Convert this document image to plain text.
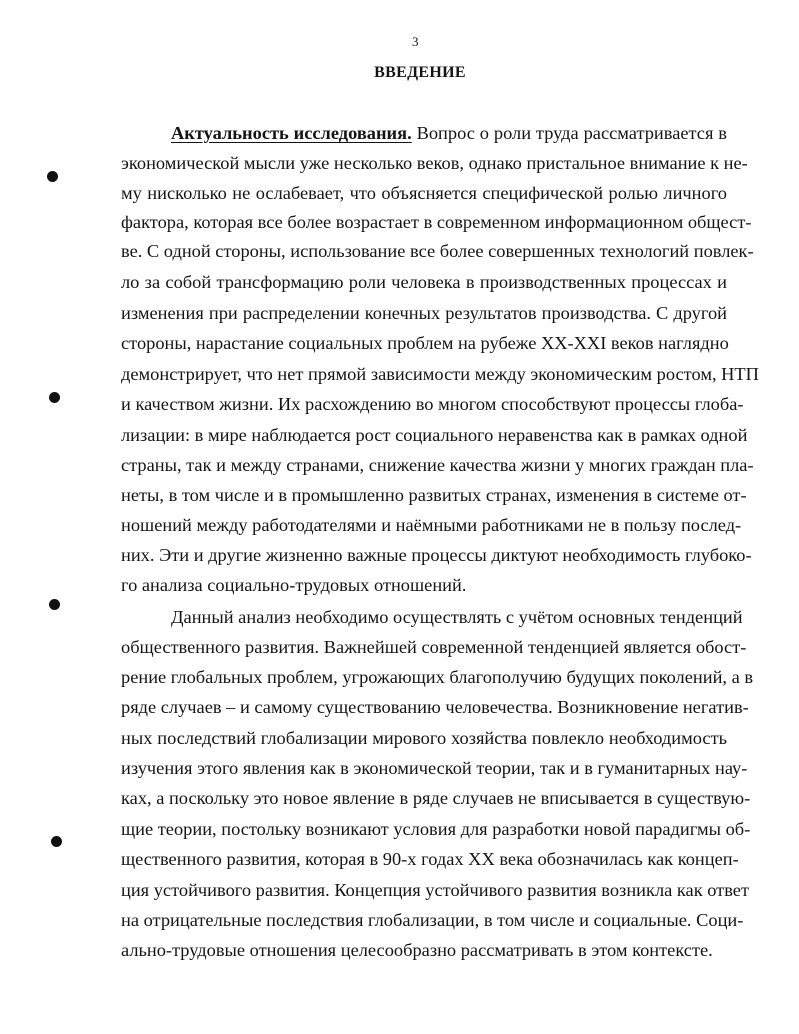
3
ВВЕДЕНИЕ
Актуальность исследования. Вопрос о роли труда рассматривается в
экономической мысли уже несколько веков, однако пристальное внимание к не-
му нисколько не ослабевает, что объясняется специфической ролью личного
фактора, которая все более возрастает в современном информационном общест-
ве. С одной стороны, использование все более совершенных технологий повлек-
ло за собой трансформацию роли человека в производственных процессах и
изменения при распределении конечных результатов производства. С другой
стороны, нарастание социальных проблем на рубеже XX-XXI веков наглядно
демонстрирует, что нет прямой зависимости между экономическим ростом, НТП
и качеством жизни. Их расхождению во многом способствуют процессы глоба-
лизации: в мире наблюдается рост социального неравенства как в рамках одной
страны, так и между странами, снижение качества жизни у многих граждан пла-
неты, в том числе и в промышленно развитых странах, изменения в системе от-
ношений между работодателями и наёмными работниками не в пользу послед-
них. Эти и другие жизненно важные процессы диктуют необходимость глубоко-
го анализа социально-трудовых отношений.
Данный анализ необходимо осуществлять с учётом основных тенденций
общественного развития. Важнейшей современной тенденцией является обост-
рение глобальных проблем, угрожающих благополучию будущих поколений, а в
ряде случаев – и самому существованию человечества. Возникновение негатив-
ных последствий глобализации мирового хозяйства повлекло необходимость
изучения этого явления как в экономической теории, так и в гуманитарных нау-
ках, а поскольку это новое явление в ряде случаев не вписывается в существую-
щие теории, постольку возникают условия для разработки новой парадигмы об-
щественного развития, которая в 90-х годах XX века обозначилась как концеп-
ция устойчивого развития. Концепция устойчивого развития возникла как ответ
на отрицательные последствия глобализации, в том числе и социальные. Соци-
ально-трудовые отношения целесообразно рассматривать в этом контексте.
